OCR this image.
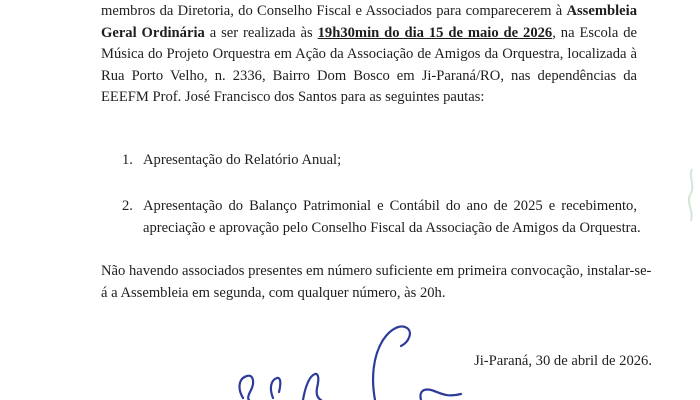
membros da Diretoria, do Conselho Fiscal e Associados para comparecerem à Assembleia
Geral Ordinária a ser realizada às 19h30min do dia 15 de maio de 2026, na Escola de
Música do Projeto Orquestra em Ação da Associação de Amigos da Orquestra, localizada à
Rua Porto Velho, n. 2336, Bairro Dom Bosco em Ji-Paraná/RO, nas dependências da
EEEFM Prof. José Francisco dos Santos para as seguintes pautas:

1. Apresentação do Relatório Anual;
2. Apresentação do Balanço Patrimonial e Contábil do ano de 2025 e recebimento,
apreciação e aprovação pelo Conselho Fiscal da Associação de Amigos da Orquestra.

Não havendo associados presentes em número suficiente em primeira convocação, instalar-se-
á a Assembleia em segunda, com qualquer número, às 20h.

Ji-Paraná, 30 de abril de 2026.
